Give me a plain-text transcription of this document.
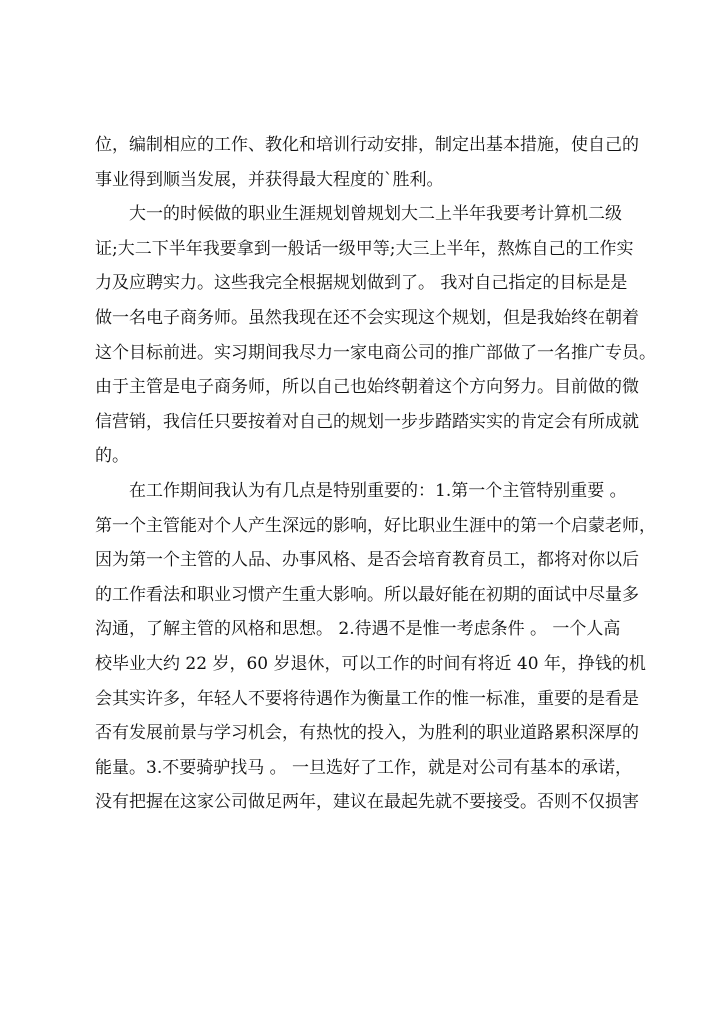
位，编制相应的工作、教化和培训行动安排，制定出基本措施，使自己的
事业得到顺当发展，并获得最大程度的`胜利。
大一的时候做的职业生涯规划曾规划大二上半年我要考计算机二级
证;大二下半年我要拿到一般话一级甲等;大三上半年，熬炼自己的工作实
力及应聘实力。这些我完全根据规划做到了。 我对自己指定的目标是是
做一名电子商务师。虽然我现在还不会实现这个规划，但是我始终在朝着
这个目标前进。实习期间我尽力一家电商公司的推广部做了一名推广专员。
由于主管是电子商务师，所以自己也始终朝着这个方向努力。目前做的微
信营销，我信任只要按着对自己的规划一步步踏踏实实的肯定会有所成就
的。
在工作期间我认为有几点是特别重要的：1.第一个主管特别重要 。
第一个主管能对个人产生深远的影响，好比职业生涯中的第一个启蒙老师，
因为第一个主管的人品、办事风格、是否会培育教育员工，都将对你以后
的工作看法和职业习惯产生重大影响。所以最好能在初期的面试中尽量多
沟通，了解主管的风格和思想。 2.待遇不是惟一考虑条件 。 一个人高
校毕业大约 22 岁，60 岁退休，可以工作的时间有将近 40 年，挣钱的机
会其实许多，年轻人不要将待遇作为衡量工作的惟一标准，重要的是看是
否有发展前景与学习机会，有热忱的投入，为胜利的职业道路累积深厚的
能量。3.不要骑驴找马 。 一旦选好了工作，就是对公司有基本的承诺，
没有把握在这家公司做足两年，建议在最起先就不要接受。否则不仅损害
